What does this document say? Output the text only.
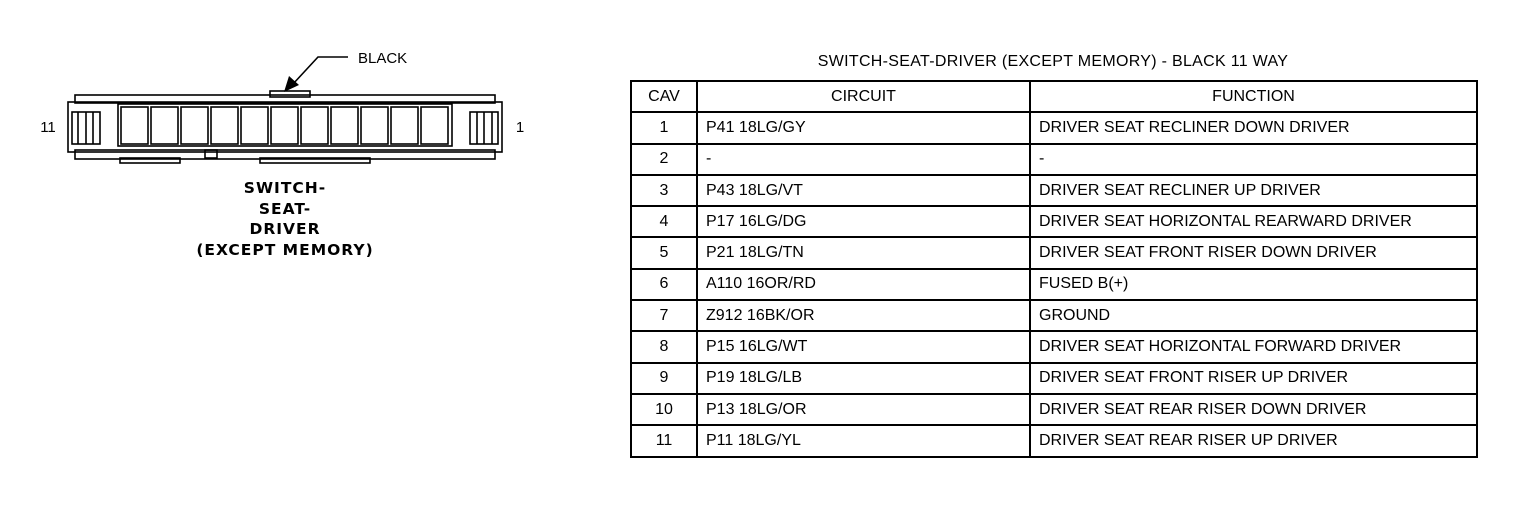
BLACK
11	1
SWITCH-
SEAT-
DRIVER
(EXCEPT MEMORY)
SWITCH-SEAT-DRIVER (EXCEPT MEMORY) - BLACK 11 WAY
CAV	CIRCUIT	FUNCTION
1	P41 18LG/GY	DRIVER SEAT RECLINER DOWN DRIVER
2	-	-
3	P43 18LG/VT	DRIVER SEAT RECLINER UP DRIVER
4	P17 16LG/DG	DRIVER SEAT HORIZONTAL REARWARD DRIVER
5	P21 18LG/TN	DRIVER SEAT FRONT RISER DOWN DRIVER
6	A110 16OR/RD	FUSED B(+)
7	Z912 16BK/OR	GROUND
8	P15 16LG/WT	DRIVER SEAT HORIZONTAL FORWARD DRIVER
9	P19 18LG/LB	DRIVER SEAT FRONT RISER UP DRIVER
10	P13 18LG/OR	DRIVER SEAT REAR RISER DOWN DRIVER
11	P11 18LG/YL	DRIVER SEAT REAR RISER UP DRIVER
